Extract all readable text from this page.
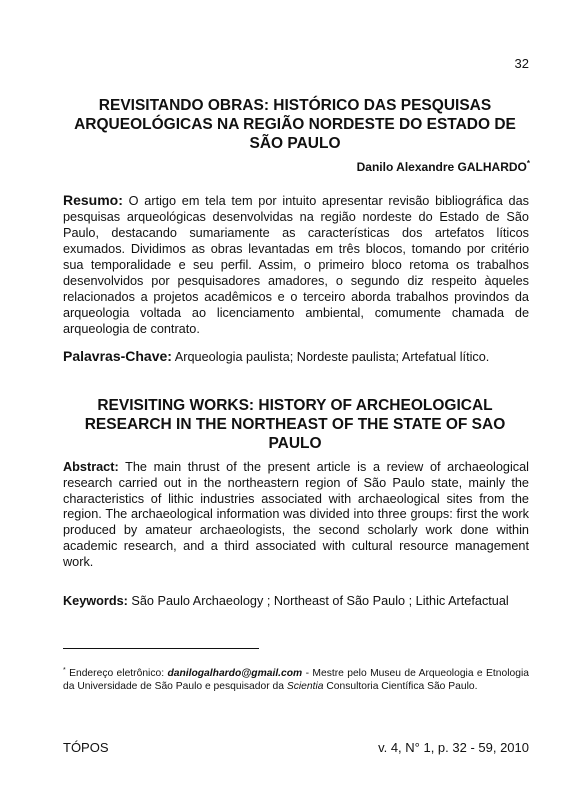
32
REVISITANDO OBRAS: HISTÓRICO DAS PESQUISAS ARQUEOLÓGICAS NA REGIÃO NORDESTE DO ESTADO DE SÃO PAULO
Danilo Alexandre GALHARDO*
Resumo: O artigo em tela tem por intuito apresentar revisão bibliográfica das pesquisas arqueológicas desenvolvidas na região nordeste do Estado de São Paulo, destacando sumariamente as características dos artefatos líticos exumados. Dividimos as obras levantadas em três blocos, tomando por critério sua temporalidade e seu perfil. Assim, o primeiro bloco retoma os trabalhos desenvolvidos por pesquisadores amadores, o segundo diz respeito àqueles relacionados a projetos acadêmicos e o terceiro aborda trabalhos provindos da arqueologia voltada ao licenciamento ambiental, comumente chamada de arqueologia de contrato.
Palavras-Chave: Arqueologia paulista; Nordeste paulista; Artefatual lítico.
REVISITING WORKS: HISTORY OF ARCHEOLOGICAL RESEARCH IN THE NORTHEAST OF THE STATE OF SAO PAULO
Abstract: The main thrust of the present article is a review of archaeological research carried out in the northeastern region of São Paulo state, mainly the characteristics of lithic industries associated with archaeological sites from the region. The archaeological information was divided into three groups: first the work produced by amateur archaeologists, the second scholarly work done within academic research, and a third associated with cultural resource management work.
Keywords: São Paulo Archaeology ; Northeast of São Paulo ; Lithic Artefactual
* Endereço eletrônico: danilogalhardo@gmail.com - Mestre pelo Museu de Arqueologia e Etnologia da Universidade de São Paulo e pesquisador da Scientia Consultoria Científica São Paulo.
TÓPOS	v. 4, N° 1, p. 32 - 59, 2010
